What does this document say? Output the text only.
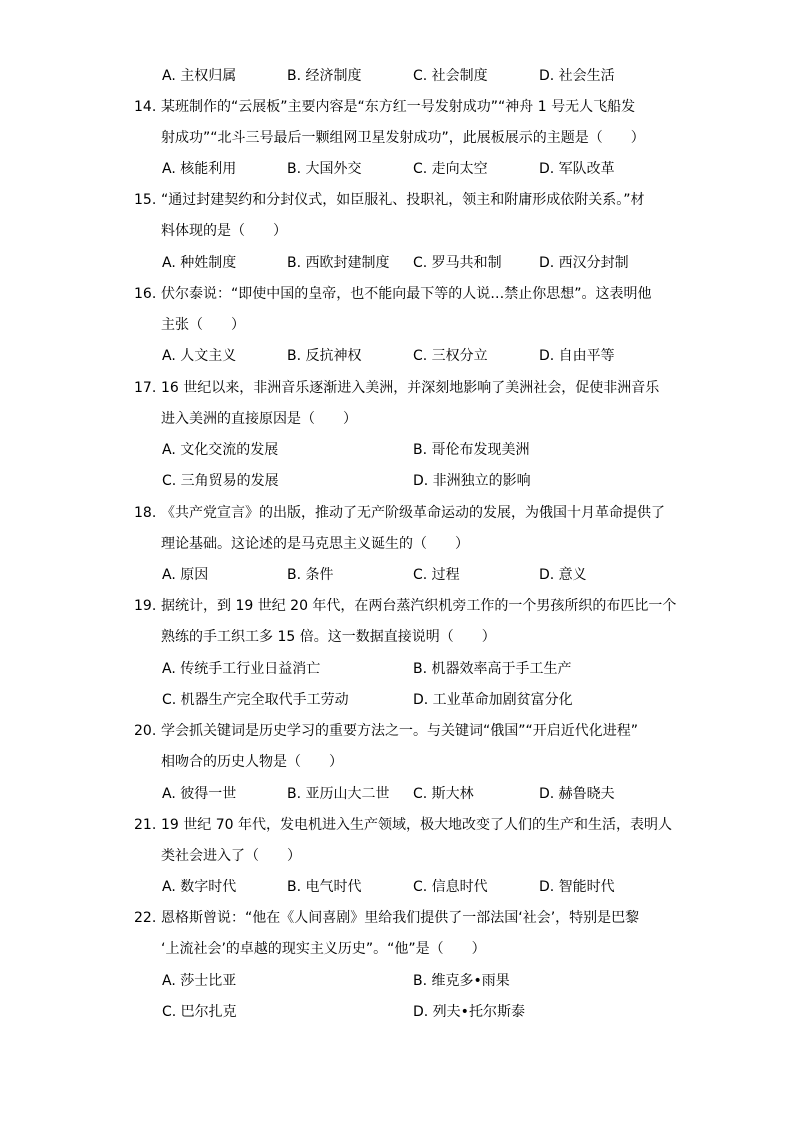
A. 主权归属	B. 经济制度	C. 社会制度	D. 社会生活
14. 某班制作的“云展板”主要内容是“东方红一号发射成功”“神舟 1 号无人飞船发
射成功”“北斗三号最后一颗组网卫星发射成功”，此展板展示的主题是（　　）
A. 核能利用	B. 大国外交	C. 走向太空	D. 军队改革
15. “通过封建契约和分封仪式，如臣服礼、投职礼，领主和附庸形成依附关系。”材
料体现的是（　　）
A. 种姓制度	B. 西欧封建制度 C. 罗马共和制	D. 西汉分封制
16. 伏尔泰说：“即使中国的皇帝，也不能向最下等的人说…禁止你思想”。这表明他
主张（　　）
A. 人文主义	B. 反抗神权	C. 三权分立	D. 自由平等
17. 16 世纪以来，非洲音乐逐渐进入美洲，并深刻地影响了美洲社会，促使非洲音乐
进入美洲的直接原因是（　　）
A. 文化交流的发展	B. 哥伦布发现美洲
C. 三角贸易的发展	D. 非洲独立的影响
18. 《共产党宣言》的出版，推动了无产阶级革命运动的发展，为俄国十月革命提供了
理论基础。这论述的是马克思主义诞生的（　　）
A. 原因	B. 条件	C. 过程	D. 意义
19. 据统计，到 19 世纪 20 年代，在两台蒸汽织机旁工作的一个男孩所织的布匹比一个
熟练的手工织工多 15 倍。这一数据直接说明（　　）
A. 传统手工行业日益消亡	B. 机器效率高于手工生产
C. 机器生产完全取代手工劳动	D. 工业革命加剧贫富分化
20. 学会抓关键词是历史学习的重要方法之一。与关键词“俄国”“开启近代化进程”
相吻合的历史人物是（　　）
A. 彼得一世	B. 亚历山大二世 C. 斯大林	D. 赫鲁晓夫
21. 19 世纪 70 年代，发电机进入生产领域，极大地改变了人们的生产和生活，表明人
类社会进入了（　　）
A. 数字时代	B. 电气时代	C. 信息时代	D. 智能时代
22. 恩格斯曾说：“他在《人间喜剧》里给我们提供了一部法国‘社会’，特别是巴黎
‘上流社会’的卓越的现实主义历史”。“他”是（　　）
A. 莎士比亚	B. 维克多•雨果
C. 巴尔扎克	D. 列夫•托尔斯泰
